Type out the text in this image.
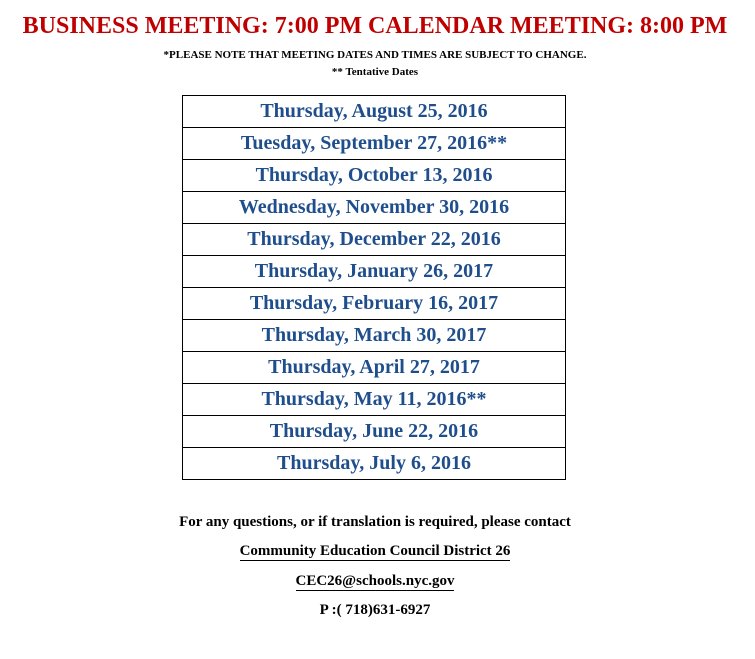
BUSINESS MEETING: 7:00 PM CALENDAR MEETING: 8:00 PM
*PLEASE NOTE THAT MEETING DATES AND TIMES ARE SUBJECT TO CHANGE.
** Tentative Dates
Thursday, August 25, 2016
Tuesday, September 27, 2016**
Thursday, October 13, 2016
Wednesday, November 30, 2016
Thursday, December 22, 2016
Thursday, January 26, 2017
Thursday, February 16, 2017
Thursday, March 30, 2017
Thursday, April 27, 2017
Thursday, May 11, 2016**
Thursday, June 22, 2016
Thursday, July 6, 2016
For any questions, or if translation is required, please contact
Community Education Council District 26
CEC26@schools.nyc.gov
P :( 718)631-6927
